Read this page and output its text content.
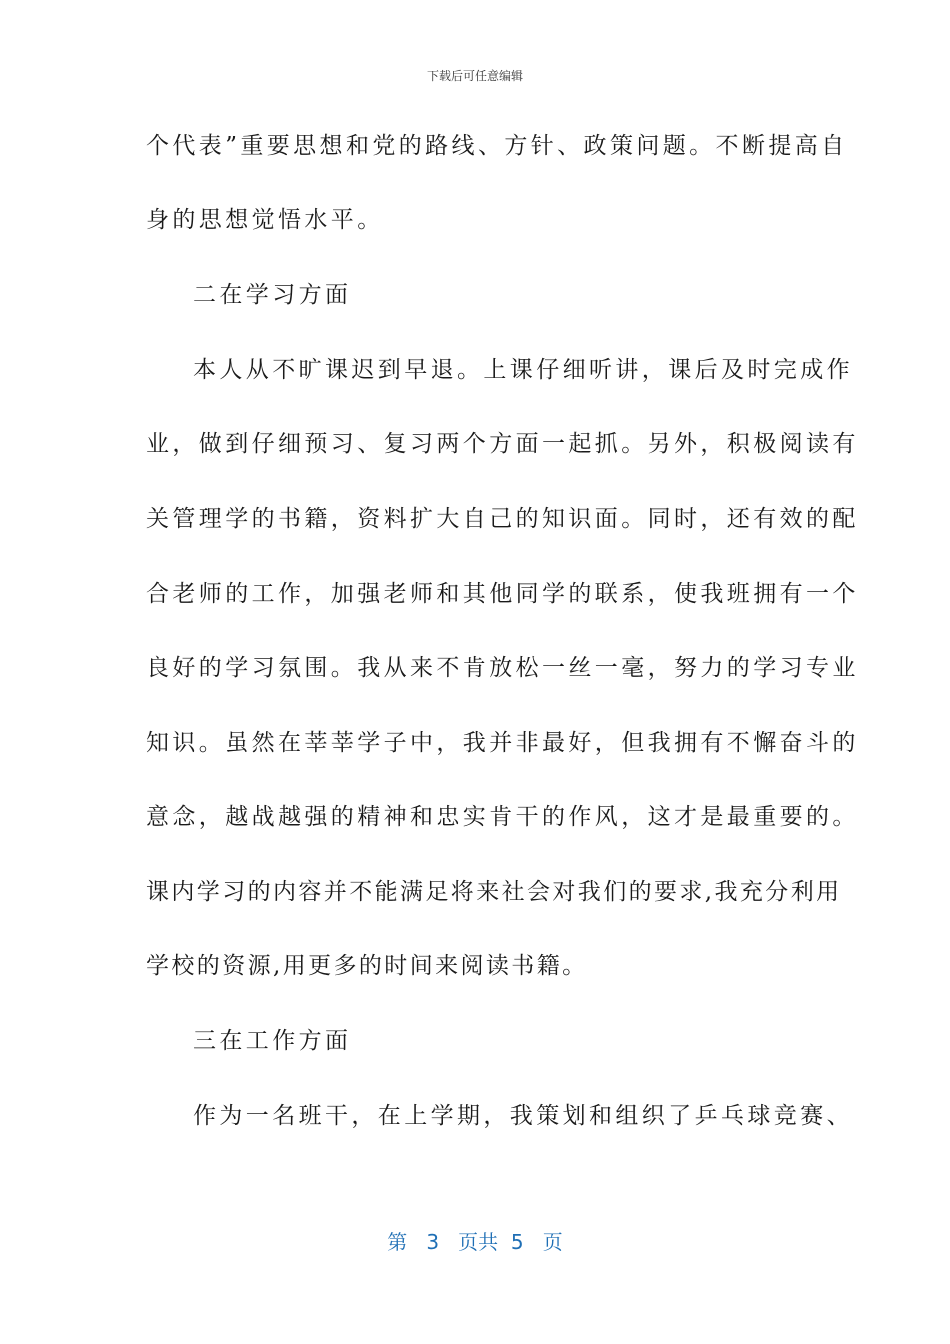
下载后可任意编辑
个代表”重要思想和党的路线、方针、政策问题。不断提高自
身的思想觉悟水平。
二在学习方面
本人从不旷课迟到早退。上课仔细听讲，课后及时完成作
业，做到仔细预习、复习两个方面一起抓。另外，积极阅读有
关管理学的书籍，资料扩大自己的知识面。同时，还有效的配
合老师的工作，加强老师和其他同学的联系，使我班拥有一个
良好的学习氛围。我从来不肯放松一丝一毫，努力的学习专业
知识。虽然在莘莘学子中，我并非最好，但我拥有不懈奋斗的
意念，越战越强的精神和忠实肯干的作风，这才是最重要的。
课内学习的内容并不能满足将来社会对我们的要求,我充分利用
学校的资源,用更多的时间来阅读书籍。
三在工作方面
作为一名班干，在上学期，我策划和组织了乒乓球竞赛、
第 3 页共 5 页
